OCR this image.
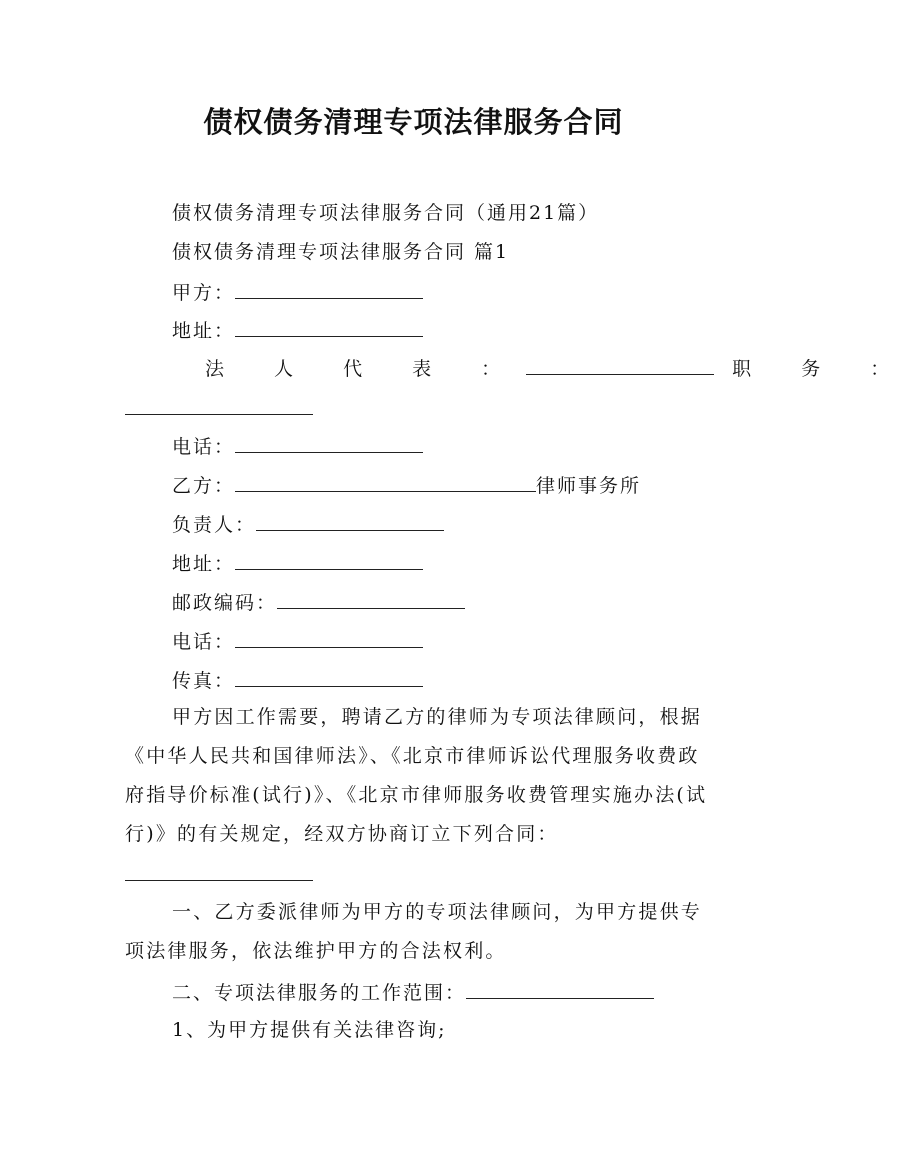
债权债务清理专项法律服务合同
债权债务清理专项法律服务合同（通用21篇）
债权债务清理专项法律服务合同 篇1
甲方：
地址：
法 人 代 表 ：	职 务 ：
电话：
乙方：	律师事务所
负责人：
地址：
邮政编码：
电话：
传真：
甲方因工作需要，聘请乙方的律师为专项法律顾问，根据《中华人民共和国律师法》、《北京市律师诉讼代理服务收费政府指导价标准(试行)》、《北京市律师服务收费管理实施办法(试行)》的有关规定，经双方协商订立下列合同：
一、乙方委派律师为甲方的专项法律顾问，为甲方提供专项法律服务，依法维护甲方的合法权利。
二、专项法律服务的工作范围：
1、为甲方提供有关法律咨询;
